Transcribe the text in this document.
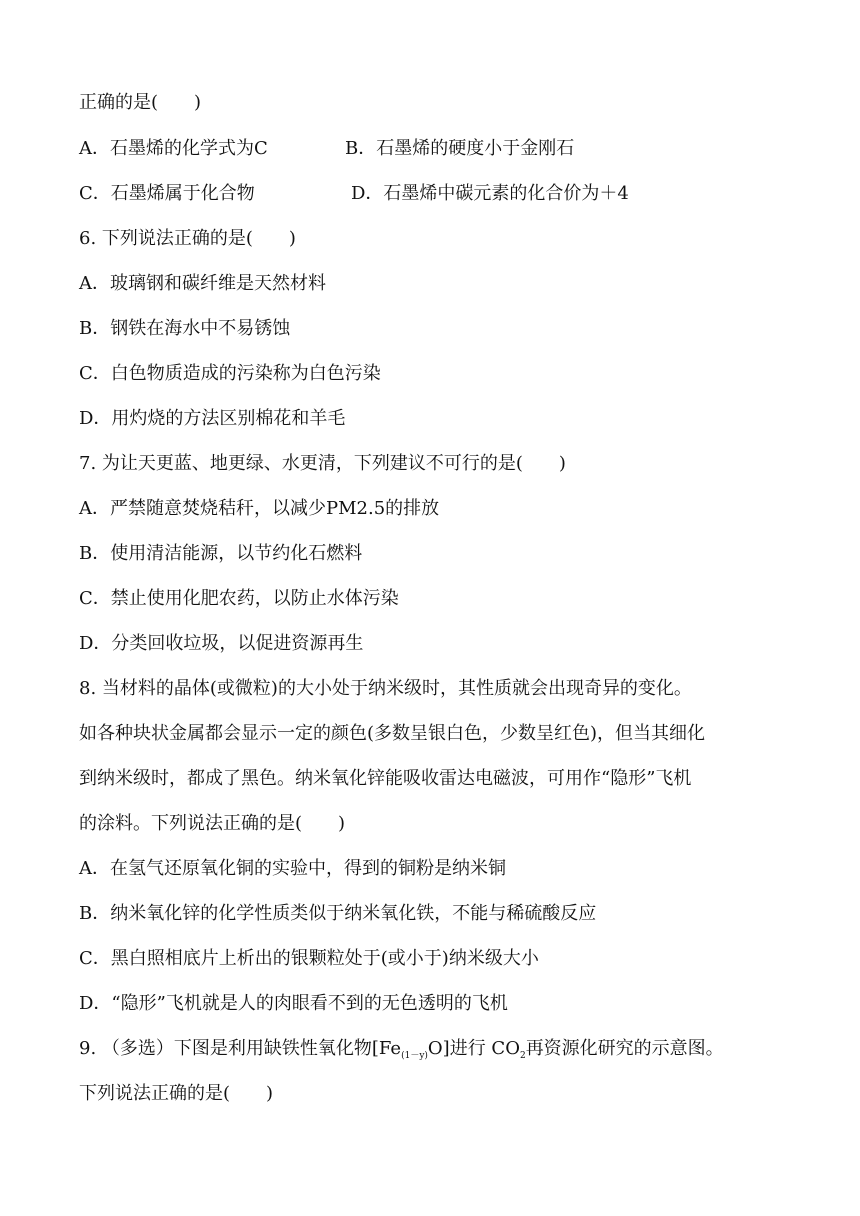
正确的是(　　)
A．石墨烯的化学式为C	B．石墨烯的硬度小于金刚石
C．石墨烯属于化合物	D．石墨烯中碳元素的化合价为＋4
6. 下列说法正确的是(　　)
A．玻璃钢和碳纤维是天然材料
B．钢铁在海水中不易锈蚀
C．白色物质造成的污染称为白色污染
D．用灼烧的方法区别棉花和羊毛
7. 为让天更蓝、地更绿、水更清，下列建议不可行的是(　　)
A．严禁随意焚烧秸秆，以减少PM2.5的排放
B．使用清洁能源，以节约化石燃料
C．禁止使用化肥农药，以防止水体污染
D．分类回收垃圾，以促进资源再生
8. 当材料的晶体(或微粒)的大小处于纳米级时，其性质就会出现奇异的变化。
如各种块状金属都会显示一定的颜色(多数呈银白色，少数呈红色)，但当其细化
到纳米级时，都成了黑色。纳米氧化锌能吸收雷达电磁波，可用作“隐形”飞机
的涂料。下列说法正确的是(　　)
A．在氢气还原氧化铜的实验中，得到的铜粉是纳米铜
B．纳米氧化锌的化学性质类似于纳米氧化铁，不能与稀硫酸反应
C．黑白照相底片上析出的银颗粒处于(或小于)纳米级大小
D．“隐形”飞机就是人的肉眼看不到的无色透明的飞机
9. （多选）下图是利用缺铁性氧化物$[Fe_{(1-y)}O]$进行 $CO_2$再资源化研究的示意图。
下列说法正确的是(　　)
